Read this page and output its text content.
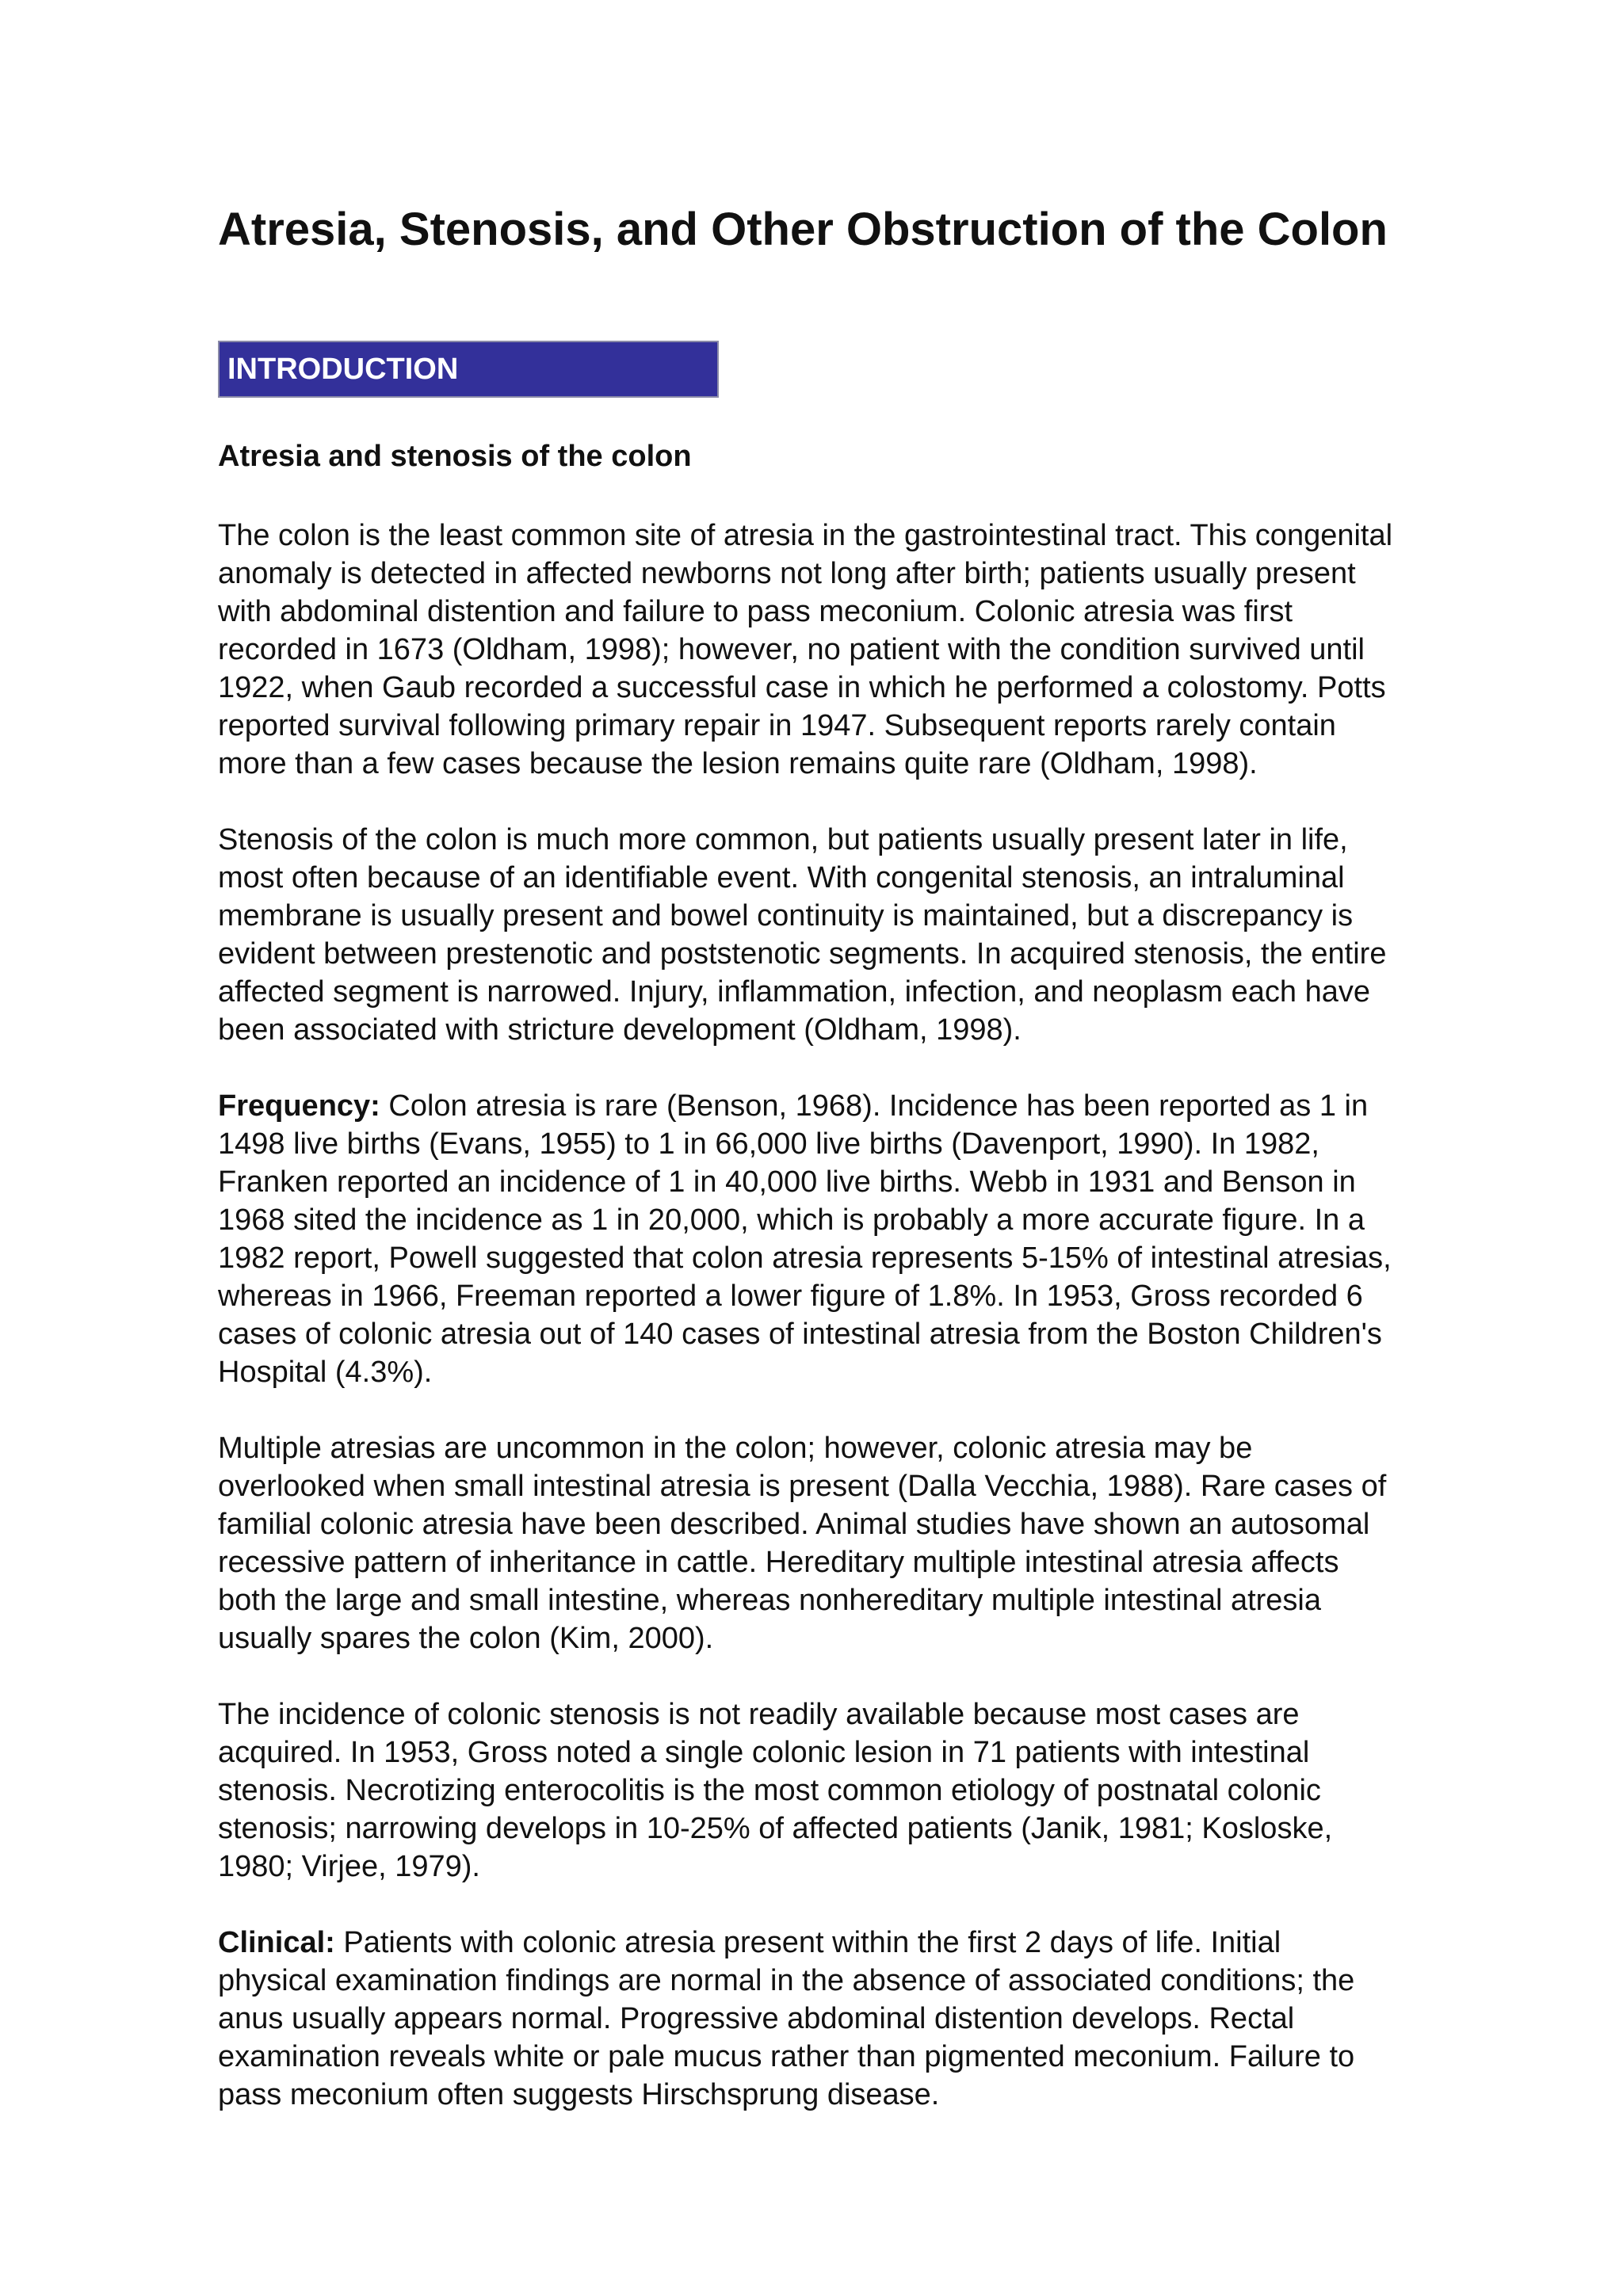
Atresia, Stenosis, and Other Obstruction of the Colon
INTRODUCTION
Atresia and stenosis of the colon

The colon is the least common site of atresia in the gastrointestinal tract. This congenital
anomaly is detected in affected newborns not long after birth; patients usually present
with abdominal distention and failure to pass meconium. Colonic atresia was first
recorded in 1673 (Oldham, 1998); however, no patient with the condition survived until
1922, when Gaub recorded a successful case in which he performed a colostomy. Potts
reported survival following primary repair in 1947. Subsequent reports rarely contain
more than a few cases because the lesion remains quite rare (Oldham, 1998).

Stenosis of the colon is much more common, but patients usually present later in life,
most often because of an identifiable event. With congenital stenosis, an intraluminal
membrane is usually present and bowel continuity is maintained, but a discrepancy is
evident between prestenotic and poststenotic segments. In acquired stenosis, the entire
affected segment is narrowed. Injury, inflammation, infection, and neoplasm each have
been associated with stricture development (Oldham, 1998).

Frequency: Colon atresia is rare (Benson, 1968). Incidence has been reported as 1 in
1498 live births (Evans, 1955) to 1 in 66,000 live births (Davenport, 1990). In 1982,
Franken reported an incidence of 1 in 40,000 live births. Webb in 1931 and Benson in
1968 sited the incidence as 1 in 20,000, which is probably a more accurate figure. In a
1982 report, Powell suggested that colon atresia represents 5-15% of intestinal atresias,
whereas in 1966, Freeman reported a lower figure of 1.8%. In 1953, Gross recorded 6
cases of colonic atresia out of 140 cases of intestinal atresia from the Boston Children's
Hospital (4.3%).

Multiple atresias are uncommon in the colon; however, colonic atresia may be
overlooked when small intestinal atresia is present (Dalla Vecchia, 1988). Rare cases of
familial colonic atresia have been described. Animal studies have shown an autosomal
recessive pattern of inheritance in cattle. Hereditary multiple intestinal atresia affects
both the large and small intestine, whereas nonhereditary multiple intestinal atresia
usually spares the colon (Kim, 2000).

The incidence of colonic stenosis is not readily available because most cases are
acquired. In 1953, Gross noted a single colonic lesion in 71 patients with intestinal
stenosis. Necrotizing enterocolitis is the most common etiology of postnatal colonic
stenosis; narrowing develops in 10-25% of affected patients (Janik, 1981; Kosloske,
1980; Virjee, 1979).

Clinical: Patients with colonic atresia present within the first 2 days of life. Initial
physical examination findings are normal in the absence of associated conditions; the
anus usually appears normal. Progressive abdominal distention develops. Rectal
examination reveals white or pale mucus rather than pigmented meconium. Failure to
pass meconium often suggests Hirschsprung disease.
